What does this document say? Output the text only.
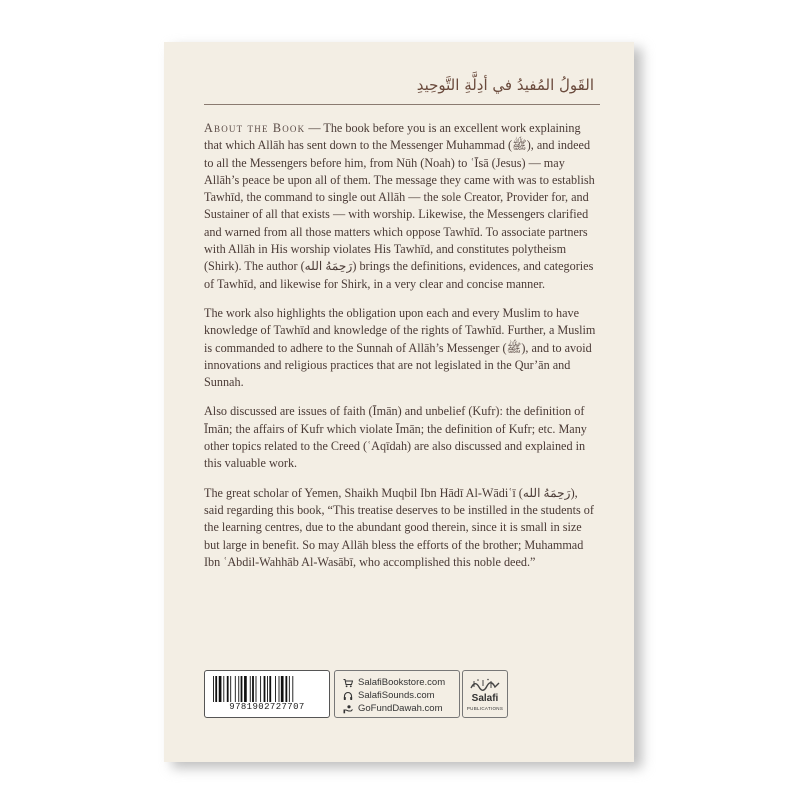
القَولُ المُفيدُ في أدِلَّةِ التَّوحِيدِ

About the Book — The book before you is an excellent work explaining that which Allāh has sent down to the Messenger Muhammad (ﷺ), and indeed to all the Messengers before him, from Nūh (Noah) to ʿĪsā (Jesus) — may Allāh’s peace be upon all of them. The message they came with was to establish Tawhīd, the command to single out Allāh — the sole Creator, Provider for, and Sustainer of all that exists — with worship. Likewise, the Messengers clarified and warned from all those matters which oppose Tawhīd. To associate partners with Allāh in His worship violates His Tawhīd, and constitutes polytheism (Shirk). The author (رَحِمَهُ الله) brings the definitions, evidences, and categories of Tawhīd, and likewise for Shirk, in a very clear and concise manner.

The work also highlights the obligation upon each and every Muslim to have knowledge of Tawhīd and knowledge of the rights of Tawhīd. Further, a Muslim is commanded to adhere to the Sunnah of Allāh’s Messenger (ﷺ), and to avoid innovations and religious practices that are not legislated in the Qur’ān and Sunnah.

Also discussed are issues of faith (Īmān) and unbelief (Kufr): the definition of Īmān; the affairs of Kufr which violate Īmān; the definition of Kufr; etc. Many other topics related to the Creed (ʿAqīdah) are also discussed and explained in this valuable work.

The great scholar of Yemen, Shaikh Muqbil Ibn Hādī Al-Wādiʿī (رَحِمَهُ الله), said regarding this book, “This treatise deserves to be instilled in the students of the learning centres, due to the abundant good therein, since it is small in size but large in benefit. So may Allāh bless the efforts of the brother; Muhammad Ibn ʿAbdil-Wahhāb Al-Wasābī, who accomplished this noble deed.”

9781902727707
SalafiBookstore.com
SalafiSounds.com
GoFundDawah.com
Salafi
PUBLICATIONS
